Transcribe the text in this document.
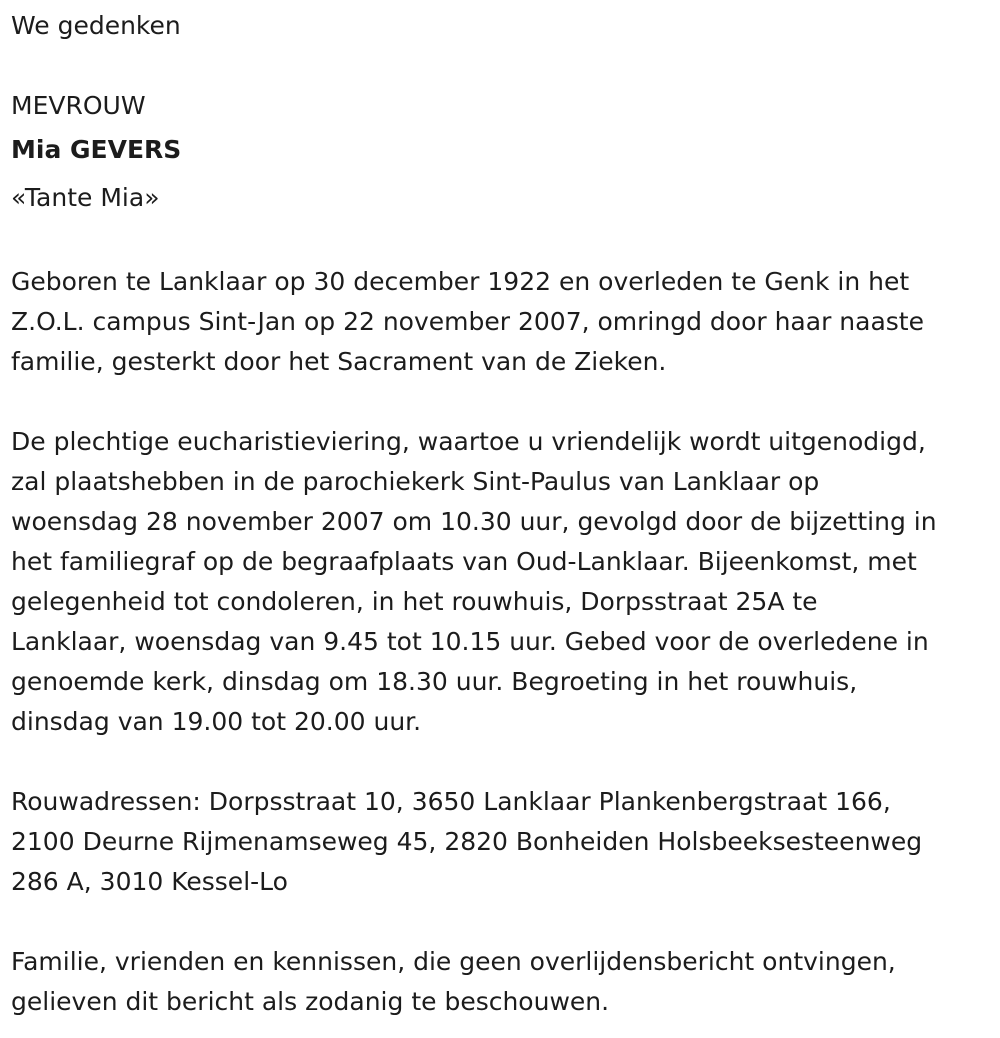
We gedenken
MEVROUW
Mia GEVERS
«Tante Mia»
Geboren te Lanklaar op 30 december 1922 en overleden te Genk in het
Z.O.L. campus Sint-Jan op 22 november 2007, omringd door haar naaste
familie, gesterkt door het Sacrament van de Zieken.
De plechtige eucharistieviering, waartoe u vriendelijk wordt uitgenodigd,
zal plaatshebben in de parochiekerk Sint-Paulus van Lanklaar op
woensdag 28 november 2007 om 10.30 uur, gevolgd door de bijzetting in
het familiegraf op de begraafplaats van Oud-Lanklaar. Bijeenkomst, met
gelegenheid tot condoleren, in het rouwhuis, Dorpsstraat 25A te
Lanklaar, woensdag van 9.45 tot 10.15 uur. Gebed voor de overledene in
genoemde kerk, dinsdag om 18.30 uur. Begroeting in het rouwhuis,
dinsdag van 19.00 tot 20.00 uur.
Rouwadressen: Dorpsstraat 10, 3650 Lanklaar Plankenbergstraat 166,
2100 Deurne Rijmenamseweg 45, 2820 Bonheiden Holsbeeksesteenweg
286 A, 3010 Kessel-Lo
Familie, vrienden en kennissen, die geen overlijdensbericht ontvingen,
gelieven dit bericht als zodanig te beschouwen.
